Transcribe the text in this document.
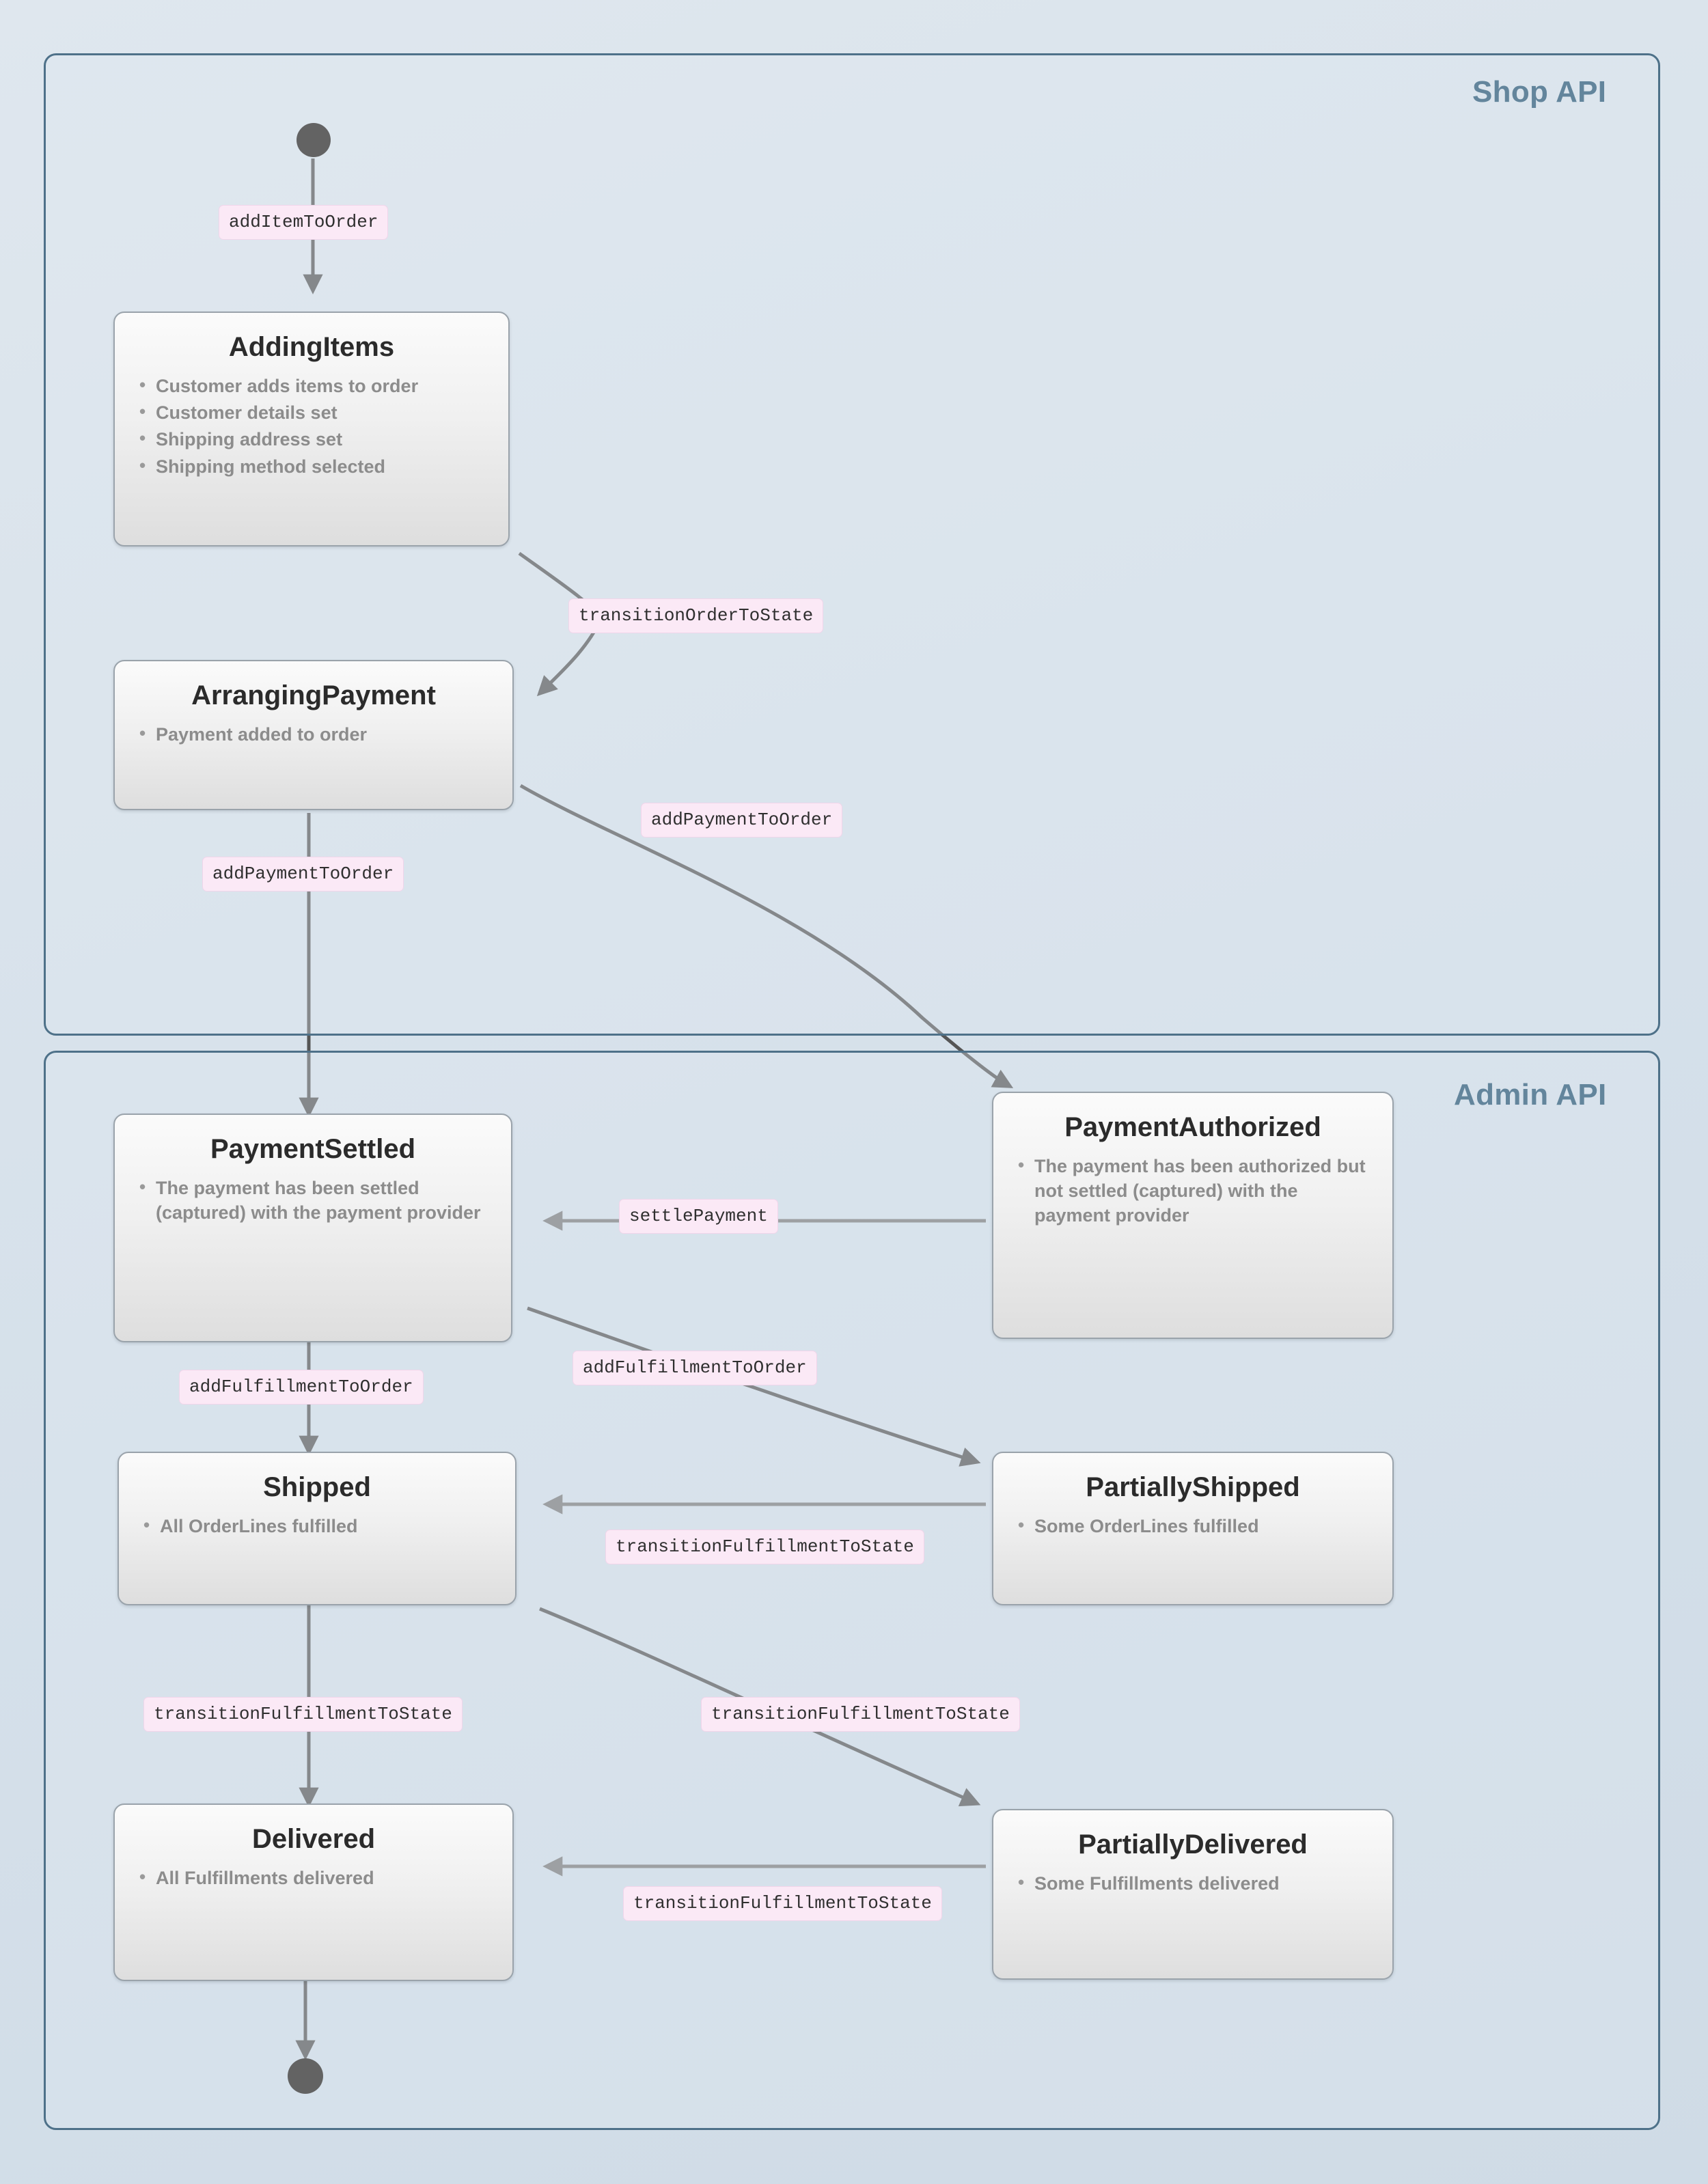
Shop API
Admin API
AddingItems
• Customer adds items to order
• Customer details set
• Shipping address set
• Shipping method selected
ArrangingPayment
• Payment added to order
PaymentSettled
• The payment has been settled (captured) with the payment provider
PaymentAuthorized
• The payment has been authorized but not settled (captured) with the payment provider
Shipped
• All OrderLines fulfilled
PartiallyShipped
• Some OrderLines fulfilled
Delivered
• All Fulfillments delivered
PartiallyDelivered
• Some Fulfillments delivered
addItemToOrder
transitionOrderToState
addPaymentToOrder
addPaymentToOrder
settlePayment
addFulfillmentToOrder
addFulfillmentToOrder
transitionFulfillmentToState
transitionFulfillmentToState	transitionFulfillmentToState
transitionFulfillmentToState
